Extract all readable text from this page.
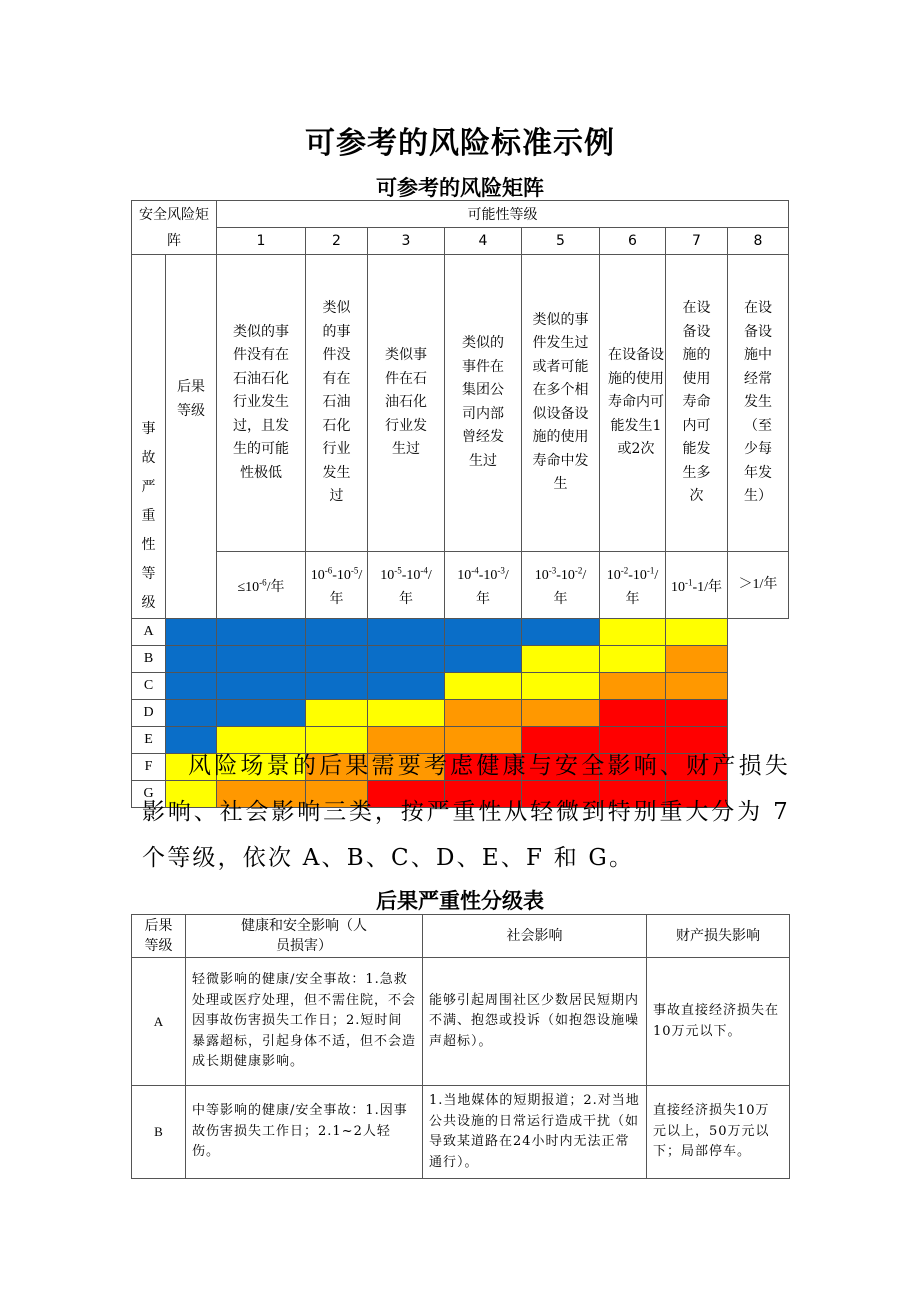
可参考的风险标准示例
可参考的风险矩阵
安全风险矩阵		可能性等级							
		1	2	3	4	5	6	7	8

事故严重性等级	后果等级	类似的事件没有在石油石化行业发生过，且发生的可能性极低	类似的事件没有在石油石化行业发生过	类似事件在石油石化行业发生过	类似的事件在集团公司内部曾经发生过	类似的事件发生过或者可能在多个相似设备设施的使用寿命中发生	在设备设施的使用寿命内可能发生1或2次	在设备设施的使用寿命内可能发生多次	在设备设施中经常发生（至少每年发生）

		$\le 10^{-6}/$年	$10^{-6}-10^{-5}/$年	$10^{-5}-10^{-4}/$年	$10^{-4}-10^{-3}/$年	$10^{-3}-10^{-2}/$年	$10^{-2}-10^{-1}/$年	$10^{-1}-1/$年	＞1/年

A									
B									
C									
D									
E									
F									
G									
风险场景的后果需要考虑健康与安全影响、财产损失影响、社会影响三类，按严重性从轻微到特别重大分为 7 个等级，依次 A、B、C、D、E、F 和 G。
后果严重性分级表
后果等级	健康和安全影响（人员损害）	社会影响	财产损失影响

A	轻微影响的健康/安全事故：1.急救处理或医疗处理，但不需住院，不会因事故伤害损失工作日；2.短时间暴露超标，引起身体不适，但不会造成长期健康影响。	能够引起周围社区少数居民短期内不满、抱怨或投诉（如抱怨设施噪声超标）。	事故直接经济损失在10万元以下。
B	中等影响的健康/安全事故：1.因事故伤害损失工作日；2.1~2人轻伤。	1.当地媒体的短期报道；2.对当地公共设施的日常运行造成干扰（如导致某道路在24小时内无法正常通行）。	直接经济损失10万元以上，50万元以下；局部停车。
